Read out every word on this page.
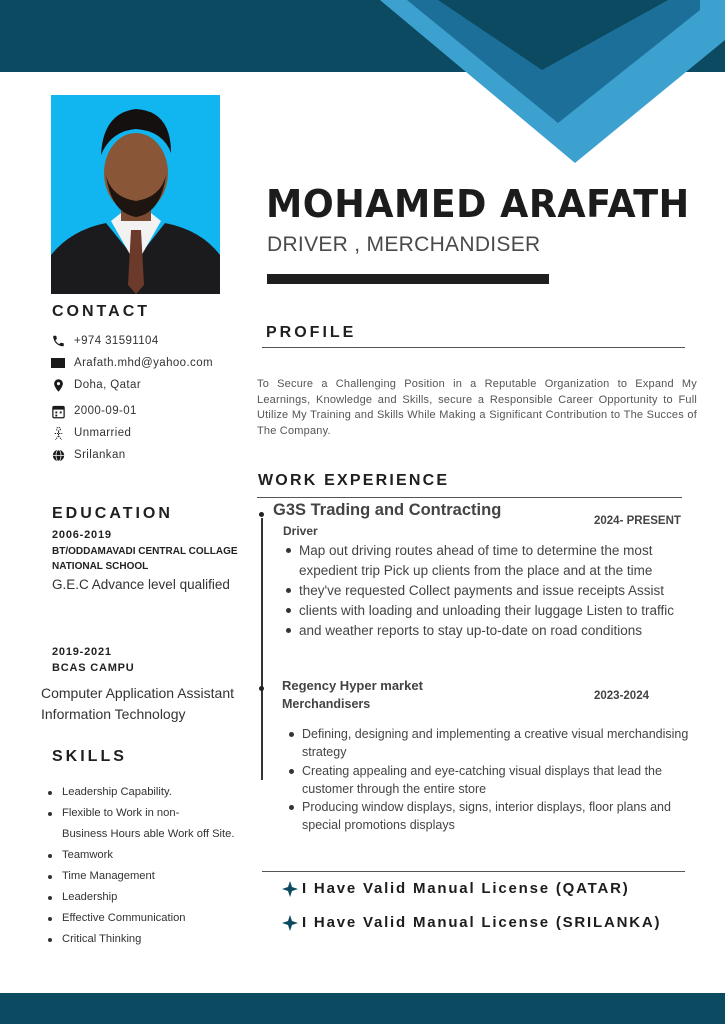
MOHAMED ARAFATH
DRIVER , MERCHANDISER
CONTACT
+974 31591104
Arafath.mhd@yahoo.com
Doha, Qatar
2000-09-01
Unmarried
Srilankan
PROFILE
To Secure a Challenging Position in a Reputable Organization to Expand My Learnings, Knowledge and Skills, secure a Responsible Career Opportunity to Full Utilize My Training and Skills While Making a Significant Contribution to The Succes of The Company.
EDUCATION
2006-2019
BT/ODDAMAVADI CENTRAL COLLAGE NATIONAL SCHOOL
G.E.C Advance level qualified
2019-2021
BCAS CAMPU
Computer Application Assistant Information Technology
WORK EXPERIENCE
G3S Trading and Contracting
2024- PRESENT
Driver
Map out driving routes ahead of time to determine the most expedient trip Pick up clients from the place and at the time
they've requested Collect payments and issue receipts Assist
clients with loading and unloading their luggage Listen to traffic
and weather reports to stay up-to-date on road conditions
Regency Hyper market
2023-2024
Merchandisers
Defining, designing and implementing a creative visual merchandising strategy
Creating appealing and eye-catching visual displays that lead the customer through the entire store
Producing window displays, signs, interior displays, floor plans and special promotions displays
SKILLS
Leadership Capability.
Flexible to Work in non-
Business Hours able Work off Site.
Teamwork
Time Management
Leadership
Effective Communication
Critical Thinking
I Have Valid Manual License (QATAR)
I Have Valid Manual License (SRILANKA)
